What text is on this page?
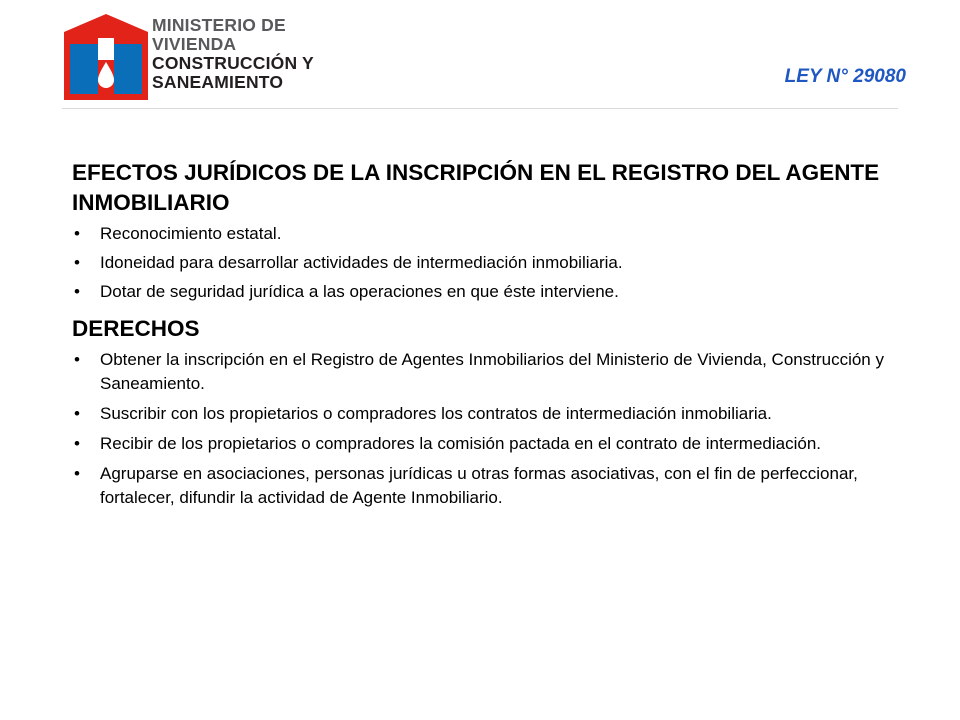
MINISTERIO DE
VIVIENDA
CONSTRUCCIÓN Y
SANEAMIENTO	LEY N° 29080
EFECTOS JURÍDICOS DE LA INSCRIPCIÓN EN EL REGISTRO DEL AGENTE INMOBILIARIO
• Reconocimiento estatal.
• Idoneidad para desarrollar actividades de intermediación inmobiliaria.
• Dotar de seguridad jurídica a las operaciones en que éste interviene.
DERECHOS
• Obtener la inscripción en el Registro de Agentes Inmobiliarios del Ministerio de Vivienda, Construcción y Saneamiento.
• Suscribir con los propietarios o compradores los contratos de intermediación inmobiliaria.
• Recibir de los propietarios o compradores la comisión pactada en el contrato de intermediación.
• Agruparse en asociaciones, personas jurídicas u otras formas asociativas, con el fin de perfeccionar, fortalecer, difundir la actividad de Agente Inmobiliario.
